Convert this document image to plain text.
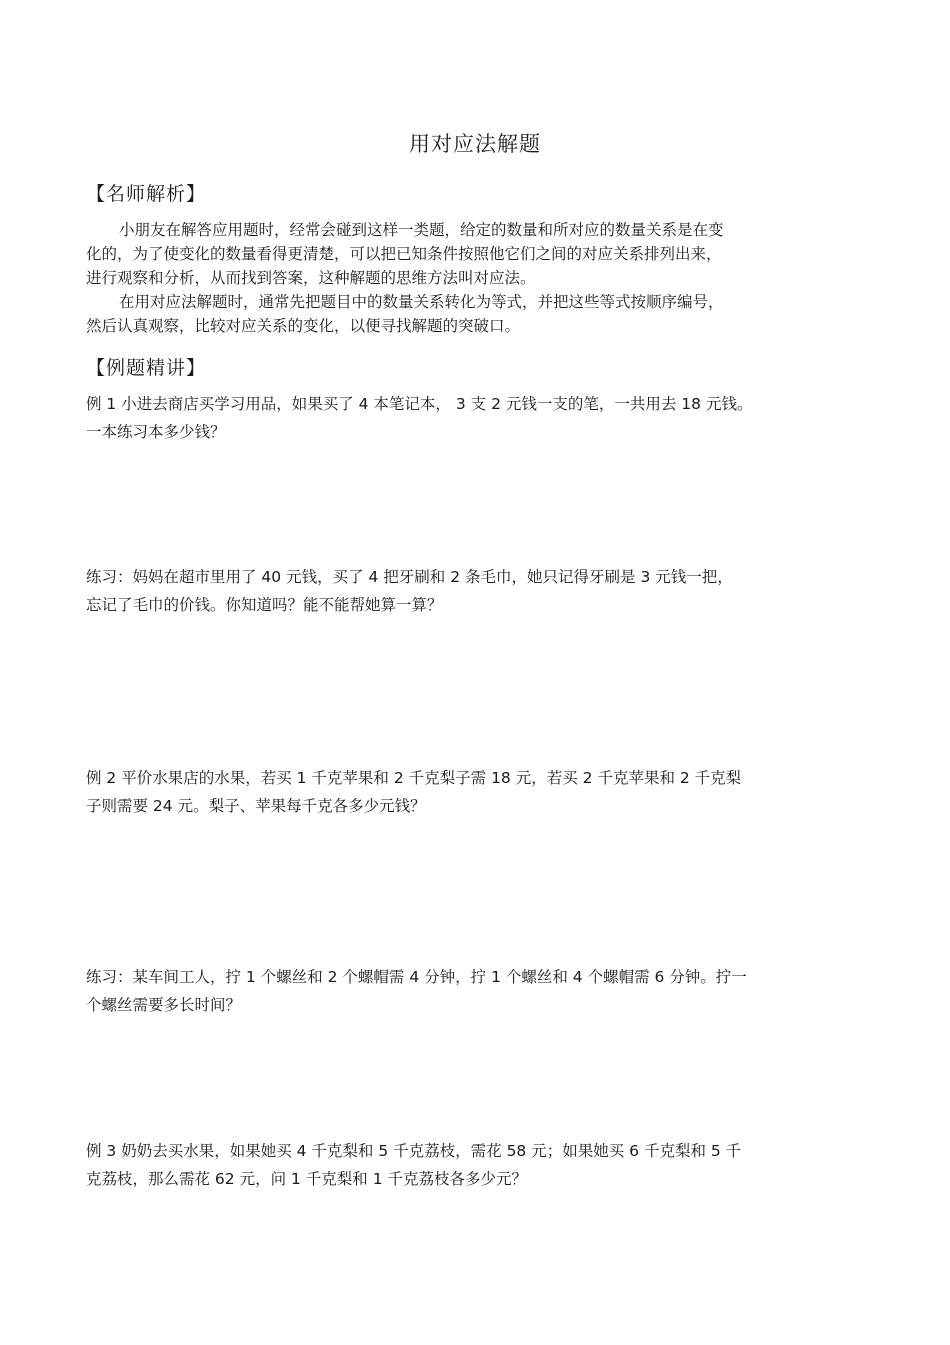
用对应法解题
【名师解析】
小朋友在解答应用题时，经常会碰到这样一类题，给定的数量和所对应的数量关系是在变
化的，为了使变化的数量看得更清楚，可以把已知条件按照他它们之间的对应关系排列出来，
进行观察和分析，从而找到答案，这种解题的思维方法叫对应法。
在用对应法解题时，通常先把题目中的数量关系转化为等式，并把这些等式按顺序编号，
然后认真观察，比较对应关系的变化，以便寻找解题的突破口。
【例题精讲】
例 1 小进去商店买学习用品，如果买了 4 本笔记本， 3 支 2 元钱一支的笔，一共用去 18 元钱。
一本练习本多少钱？
练习：妈妈在超市里用了 40 元钱，买了 4 把牙刷和 2 条毛巾，她只记得牙刷是 3 元钱一把，
忘记了毛巾的价钱。你知道吗？能不能帮她算一算？
例 2 平价水果店的水果，若买 1 千克苹果和 2 千克梨子需 18 元，若买 2 千克苹果和 2 千克梨
子则需要 24 元。梨子、苹果每千克各多少元钱？
练习：某车间工人，拧 1 个螺丝和 2 个螺帽需 4 分钟，拧 1 个螺丝和 4 个螺帽需 6 分钟。拧一
个螺丝需要多长时间？
例 3 奶奶去买水果，如果她买 4 千克梨和 5 千克荔枝，需花 58 元；如果她买 6 千克梨和 5 千
克荔枝，那么需花 62 元，问 1 千克梨和 1 千克荔枝各多少元？
